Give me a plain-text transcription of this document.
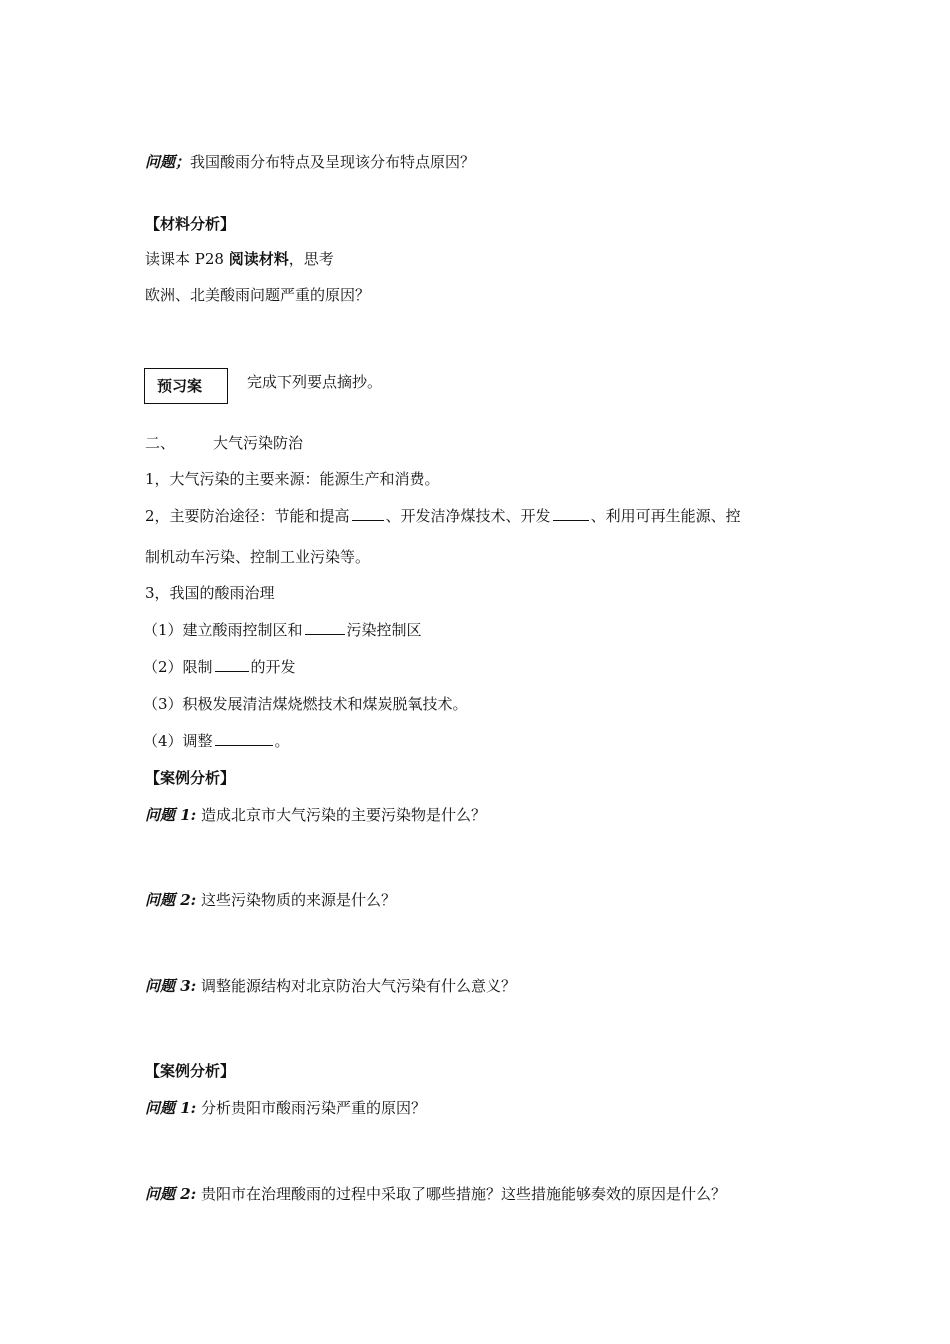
问题；我国酸雨分布特点及呈现该分布特点原因？
【材料分析】
读课本 P28 阅读材料，思考
欧洲、北美酸雨问题严重的原因？
预习案	完成下列要点摘抄。
二、	大气污染防治
1，大气污染的主要来源：能源生产和消费。
2，主要防治途径：节能和提高 、开发洁净煤技术、开发	、利用可再生能源、控
制机动车污染、控制工业污染等。
3，我国的酸雨治理
（1）建立酸雨控制区和	污染控制区
（2）限制	的开发
（3）积极发展清洁煤烧燃技术和煤炭脱氧技术。
（4）调整	。
【案例分析】
问题 1: 造成北京市大气污染的主要污染物是什么？
问题 2: 这些污染物质的来源是什么？
问题 3: 调整能源结构对北京防治大气污染有什么意义？
【案例分析】
问题 1: 分析贵阳市酸雨污染严重的原因？
问题 2: 贵阳市在治理酸雨的过程中采取了哪些措施？这些措施能够奏效的原因是什么？
